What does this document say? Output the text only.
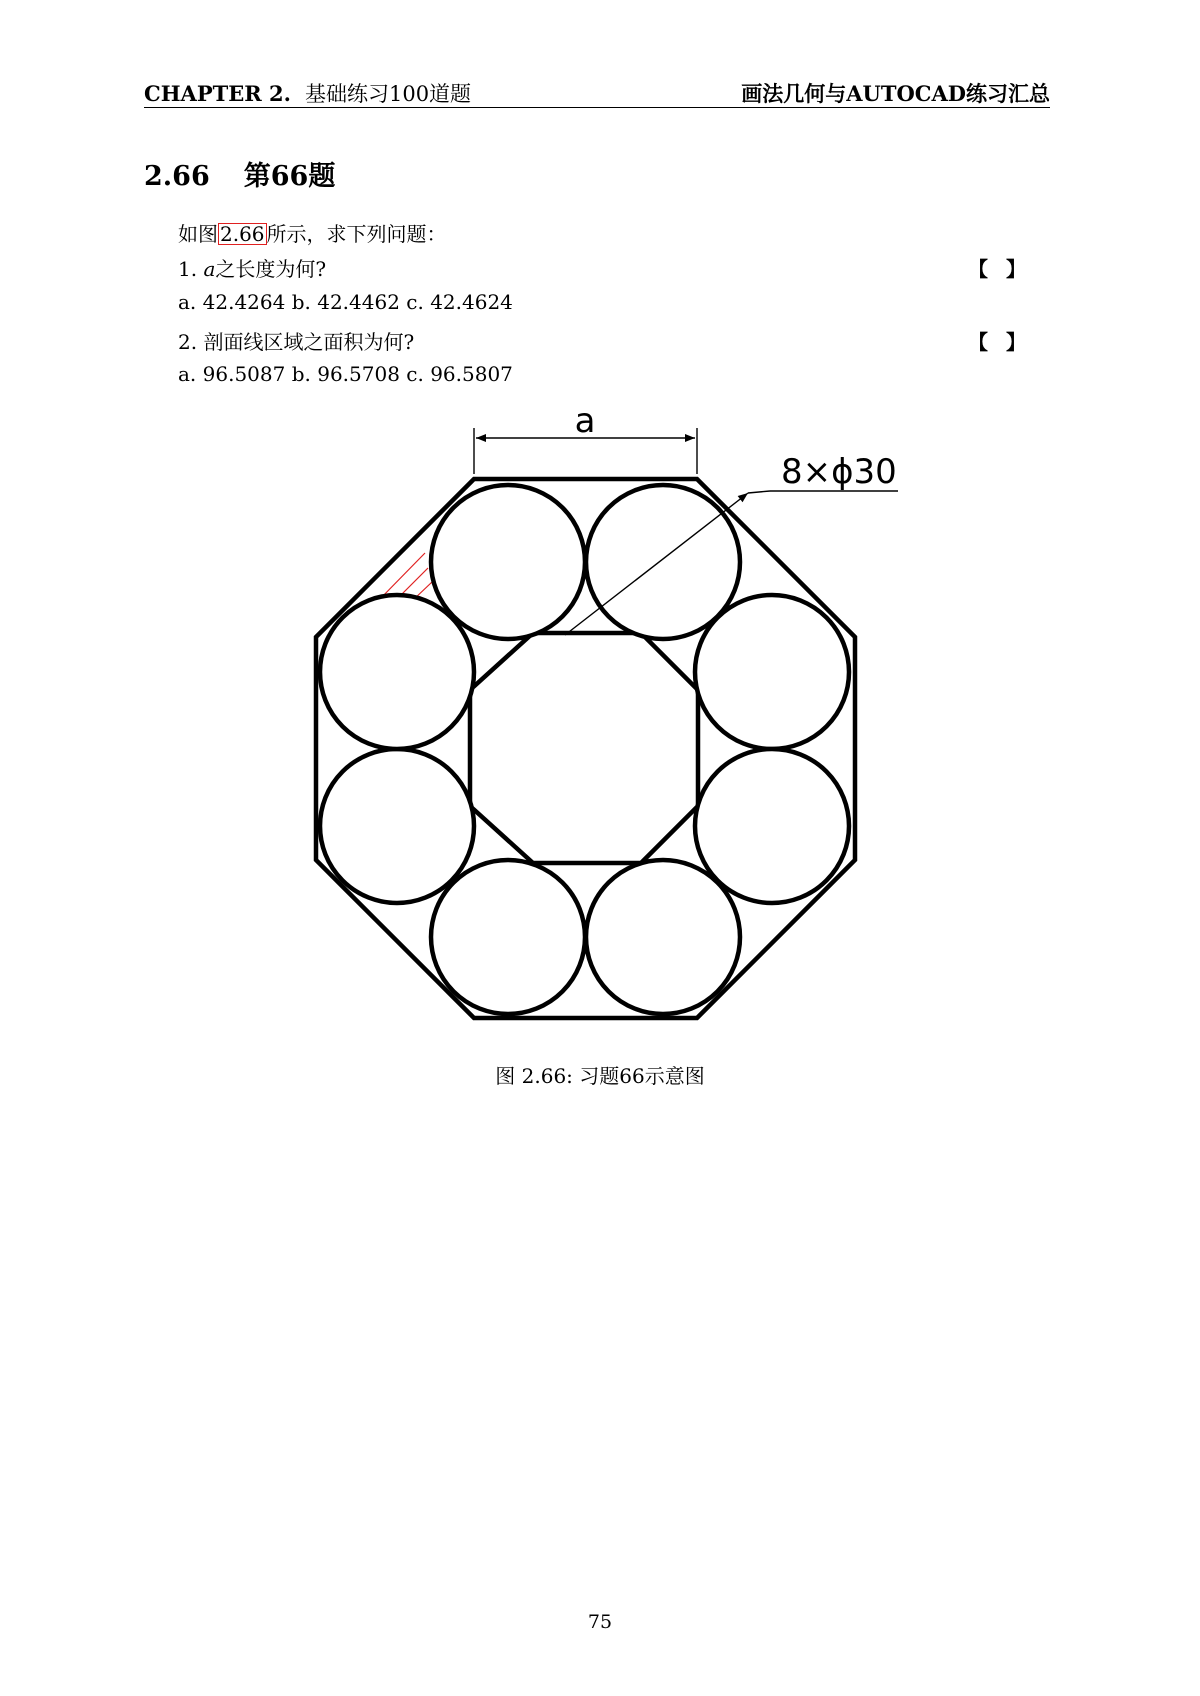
CHAPTER 2. 基础练习100道题	画法几何与AUTOCAD练习汇总
2.66 第66题
如图 2.66 所示，求下列问题：
1. a之长度为何?	【】
a. 42.4264 b. 42.4462 c. 42.4624
2. 剖面线区域之面积为何?	【】
a. 96.5087 b. 96.5708 c. 96.5807
a
8×ϕ30
图 2.66: 习题66示意图
75
